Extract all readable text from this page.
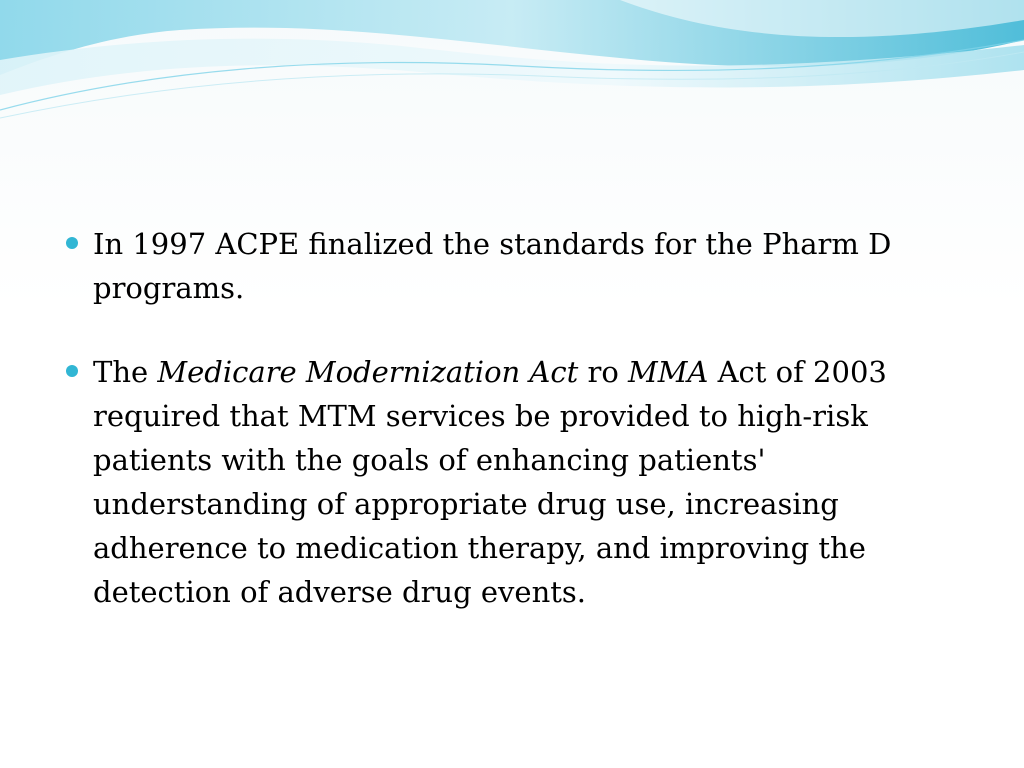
In 1997 ACPE finalized the standards for the Pharm D
programs.
The Medicare Modernization Act ro MMA Act of 2003
required that MTM services be provided to high-risk
patients with the goals of enhancing patients'
understanding of appropriate drug use, increasing
adherence to medication therapy, and improving the
detection of adverse drug events.
